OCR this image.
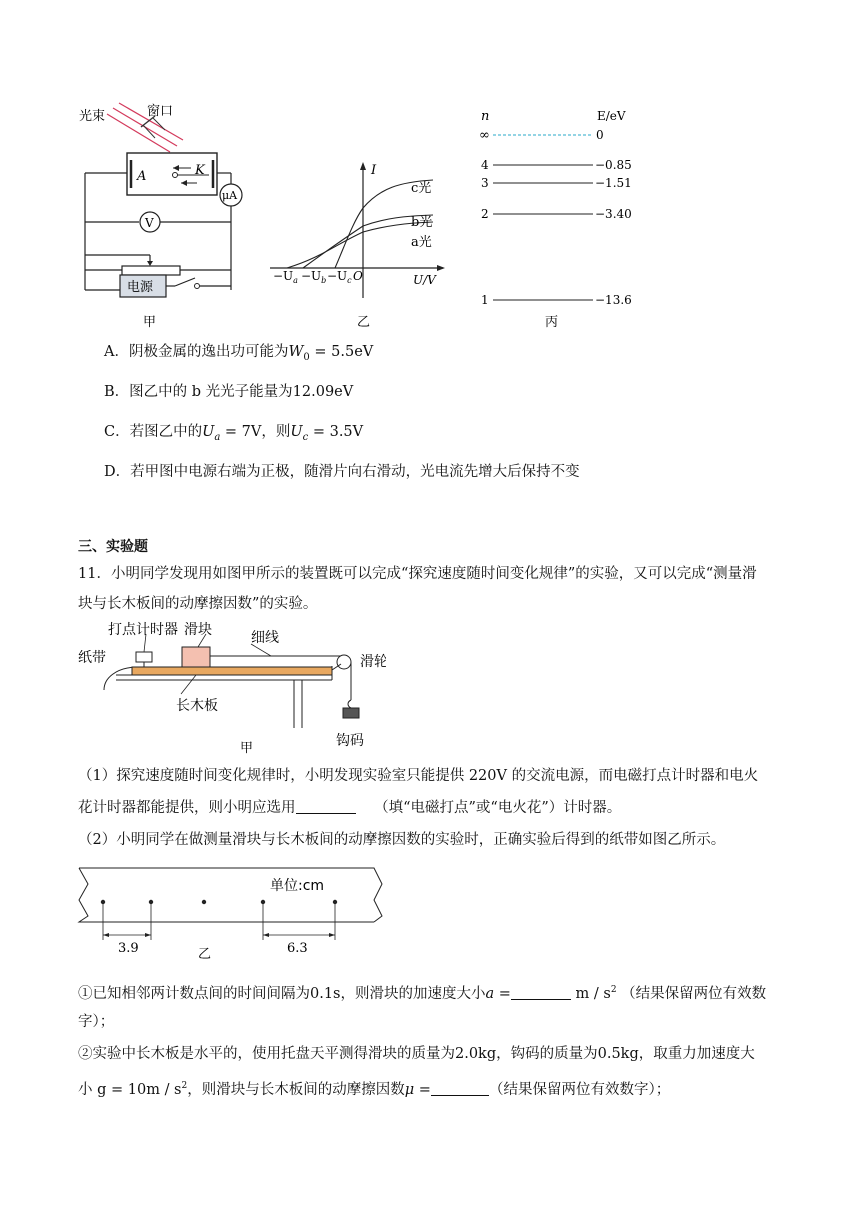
光束	窗口
A	K
μA
V
电源
甲
I
c光
b光
a光
$-U_a -U_b -U_c$ O	U/V
乙
n	E/eV
∞	0
4	−0.85
3	−1.51
2	−3.40
1	−13.6
丙
A．阴极金属的逸出功可能为$W_0 = 5.5eV$
B．图乙中的 b 光光子能量为12.09eV
C．若图乙中的$U_a = 7V$，则$U_c = 3.5V$
D．若甲图中电源右端为正极，随滑片向右滑动，光电流先增大后保持不变
三、实验题
11．小明同学发现用如图甲所示的装置既可以完成“探究速度随时间变化规律”的实验，又可以完成“测量滑
块与长木板间的动摩擦因数”的实验。
打点计时器 滑块	细线
纸带	滑轮
长木板
钩码
甲
（1）探究速度随时间变化规律时，小明发现实验室只能提供 220V 的交流电源，而电磁打点计时器和电火
花计时器都能提供，则小明应选用	（填“电磁打点”或“电火花”）计时器。
（2）小明同学在做测量滑块与长木板间的动摩擦因数的实验时，正确实验后得到的纸带如图乙所示。
单位:cm
3.9	6.3
乙
①已知相邻两计数点间的时间间隔为0.1s，则滑块的加速度大小a =	m / $s^2$ （结果保留两位有效数
字）；
②实验中长木板是水平的，使用托盘天平测得滑块的质量为2.0kg，钩码的质量为0.5kg，取重力加速度大
小 $g = 10m / s^2$，则滑块与长木板间的动摩擦因数μ =	（结果保留两位有效数字）；
